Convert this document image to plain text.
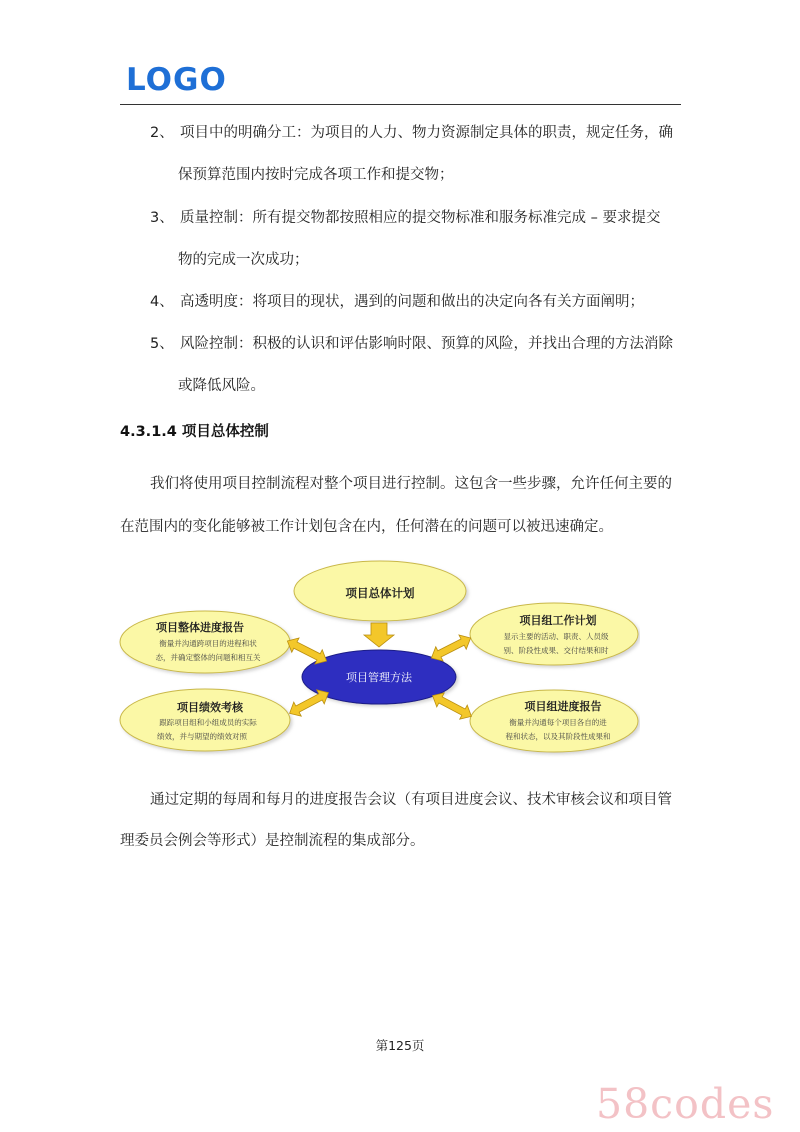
LOGO
2、 项目中的明确分工：为项目的人力、物力资源制定具体的职责，规定任务，确
保预算范围内按时完成各项工作和提交物；
3、 质量控制：所有提交物都按照相应的提交物标准和服务标准完成 – 要求提交
物的完成一次成功；
4、 高透明度：将项目的现状，遇到的问题和做出的决定向各有关方面阐明；
5、 风险控制：积极的认识和评估影响时限、预算的风险，并找出合理的方法消除
或降低风险。
4.3.1.4 项目总体控制
我们将使用项目控制流程对整个项目进行控制。这包含一些步骤，允许任何主要的
在范围内的变化能够被工作计划包含在内，任何潜在的问题可以被迅速确定。
项目总体计划
项目整体进度报告
衡量并沟通跨项目的进程和状
态，并确定整体的问题和相互关
项目绩效考核
跟踪项目组和小组成员的实际
绩效，并与期望的绩效对照
项目组工作计划
显示主要的活动、职责、人员级
别、阶段性成果、交付结果和时
项目组进度报告
衡量并沟通每个项目各自的进
程和状态，以及其阶段性成果和
项目管理方法
通过定期的每周和每月的进度报告会议（有项目进度会议、技术审核会议和项目管
理委员会例会等形式）是控制流程的集成部分。
第125页
58codes
